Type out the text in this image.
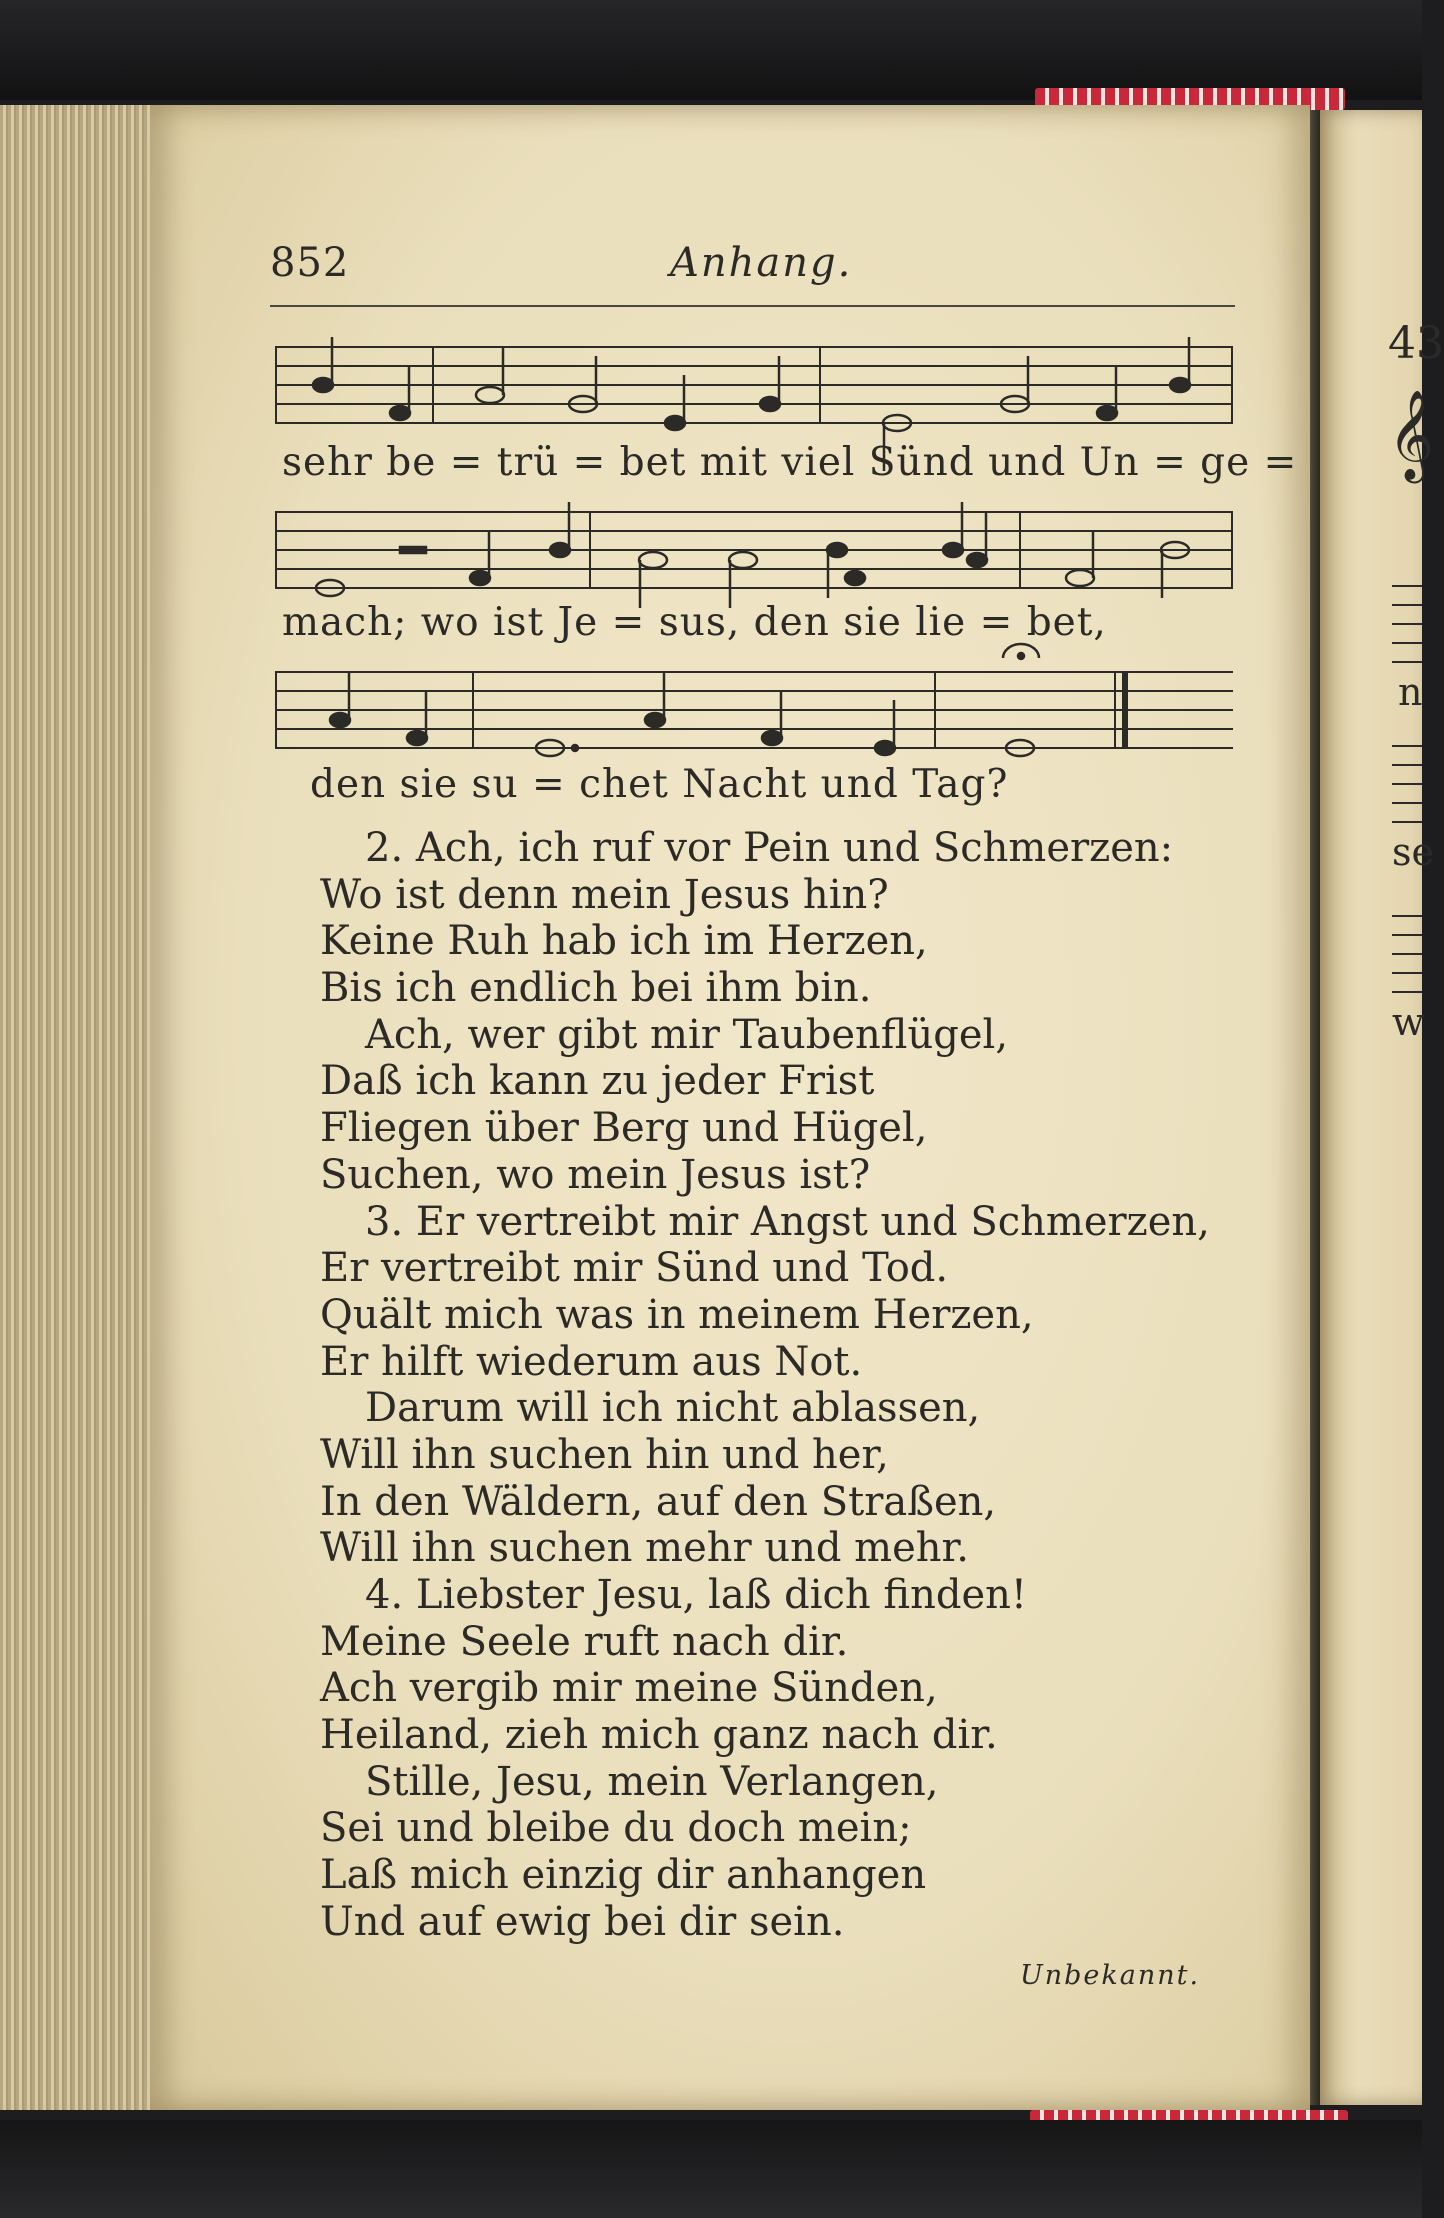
852	Anhang.
sehr be = trü = bet mit viel Sünd und Un = ge =
mach; wo ist Je = sus, den sie lie = bet,
den sie su = chet Nacht und Tag?
2. Ach, ich ruf vor Pein und Schmerzen:
Wo ist denn mein Jesus hin?
Keine Ruh hab ich im Herzen,
Bis ich endlich bei ihm bin.
Ach, wer gibt mir Taubenflügel,
Daß ich kann zu jeder Frist
Fliegen über Berg und Hügel,
Suchen, wo mein Jesus ist?
3. Er vertreibt mir Angst und Schmerzen,
Er vertreibt mir Sünd und Tod.
Quält mich was in meinem Herzen,
Er hilft wiederum aus Not.
Darum will ich nicht ablassen,
Will ihn suchen hin und her,
In den Wäldern, auf den Straßen,
Will ihn suchen mehr und mehr.
4. Liebster Jesu, laß dich finden!
Meine Seele ruft nach dir.
Ach vergib mir meine Sünden,
Heiland, zieh mich ganz nach dir.
Stille, Jesu, mein Verlangen,
Sei und bleibe du doch mein;
Laß mich einzig dir anhangen
Und auf ewig bei dir sein.
Unbekannt.
43
𝄞
n
se
w
